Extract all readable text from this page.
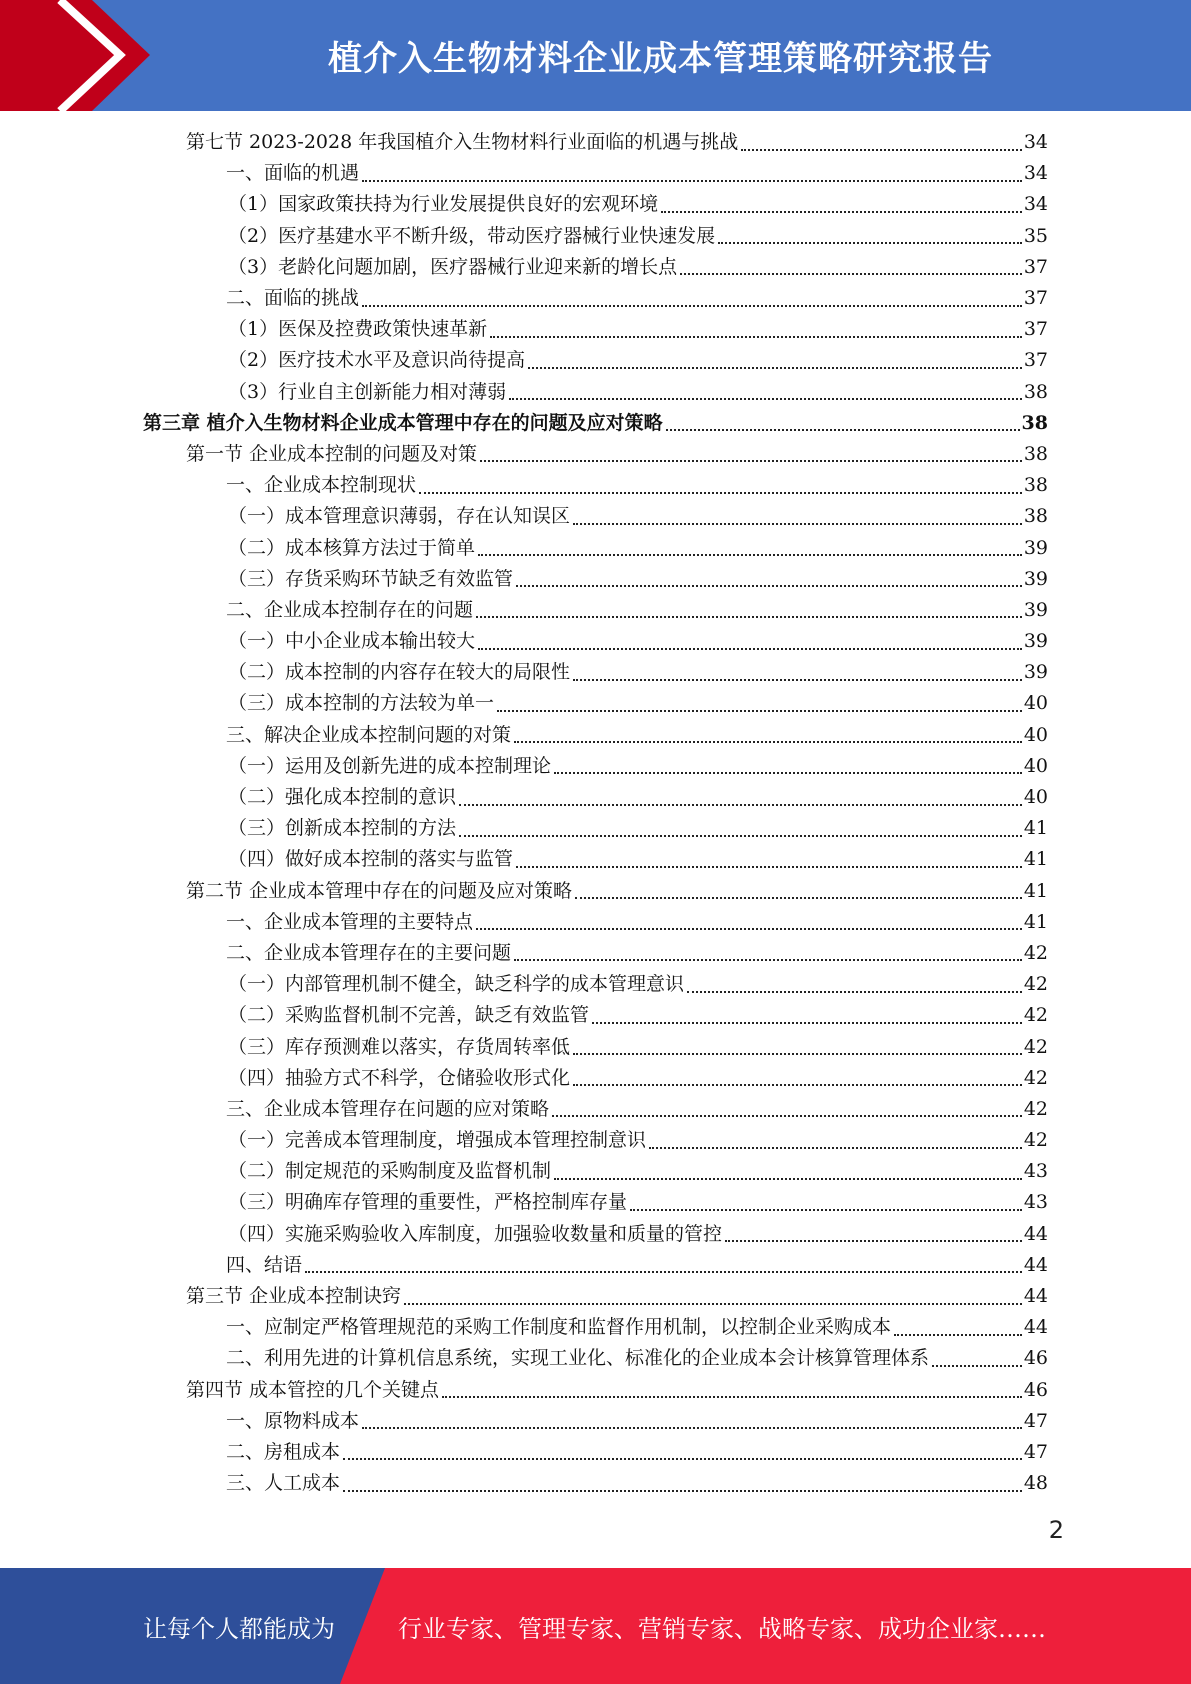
植介入生物材料企业成本管理策略研究报告
第七节 2023-2028 年我国植介入生物材料行业面临的机遇与挑战	34
一、面临的机遇	34
（1）国家政策扶持为行业发展提供良好的宏观环境	34
（2）医疗基建水平不断升级，带动医疗器械行业快速发展	35
（3）老龄化问题加剧，医疗器械行业迎来新的增长点	37
二、面临的挑战	37
（1）医保及控费政策快速革新	37
（2）医疗技术水平及意识尚待提高	37
（3）行业自主创新能力相对薄弱	38
第三章 植介入生物材料企业成本管理中存在的问题及应对策略	38
第一节 企业成本控制的问题及对策	38
一、企业成本控制现状	38
（一）成本管理意识薄弱，存在认知误区	38
（二）成本核算方法过于简单	39
（三）存货采购环节缺乏有效监管	39
二、企业成本控制存在的问题	39
（一）中小企业成本输出较大	39
（二）成本控制的内容存在较大的局限性	39
（三）成本控制的方法较为单一	40
三、解决企业成本控制问题的对策	40
（一）运用及创新先进的成本控制理论	40
（二）强化成本控制的意识	40
（三）创新成本控制的方法	41
（四）做好成本控制的落实与监管	41
第二节 企业成本管理中存在的问题及应对策略	41
一、企业成本管理的主要特点	41
二、企业成本管理存在的主要问题	42
（一）内部管理机制不健全，缺乏科学的成本管理意识	42
（二）采购监督机制不完善，缺乏有效监管	42
（三）库存预测难以落实，存货周转率低	42
（四）抽验方式不科学，仓储验收形式化	42
三、企业成本管理存在问题的应对策略	42
（一）完善成本管理制度，增强成本管理控制意识	42
（二）制定规范的采购制度及监督机制	43
（三）明确库存管理的重要性，严格控制库存量	43
（四）实施采购验收入库制度，加强验收数量和质量的管控	44
四、结语	44
第三节 企业成本控制诀窍	44
一、应制定严格管理规范的采购工作制度和监督作用机制，以控制企业采购成本	44
二、利用先进的计算机信息系统，实现工业化、标准化的企业成本会计核算管理体系	46
第四节 成本管控的几个关键点	46
一、原物料成本	47
二、房租成本	47
三、人工成本	48
2
让每个人都能成为	行业专家、管理专家、营销专家、战略专家、成功企业家……
